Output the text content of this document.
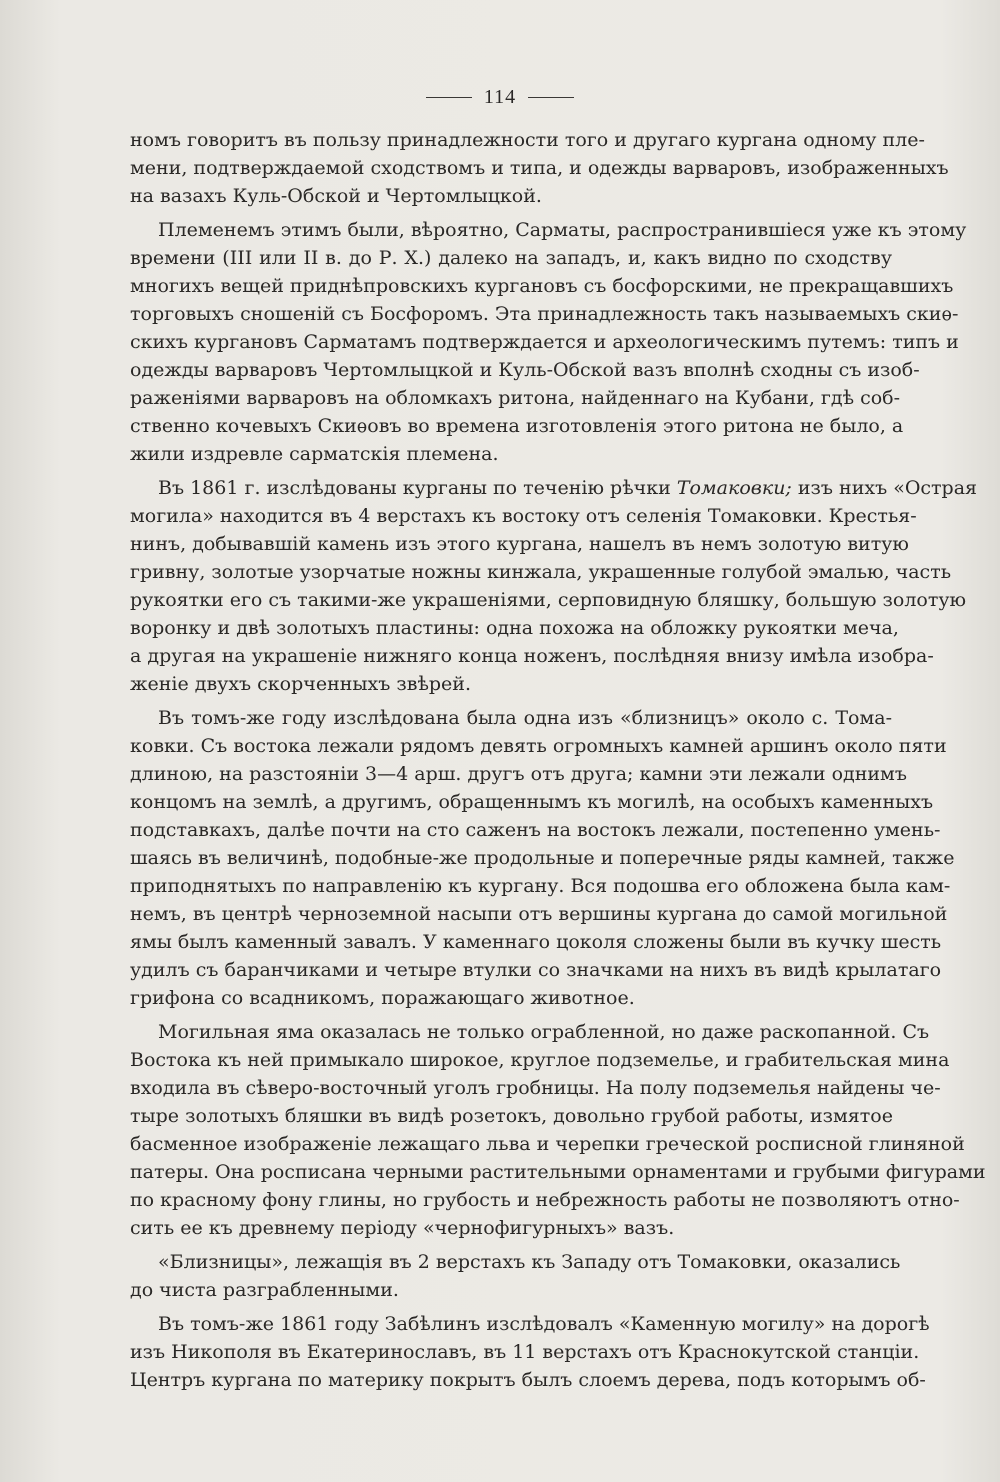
114

номъ говоритъ въ пользу принадлежности того и другаго кургана одному пле-
мени, подтверждаемой сходствомъ и типа, и одежды варваровъ, изображенныхъ
на вазахъ Куль-Обской и Чертомлыцкой.

Племенемъ этимъ были, вѣроятно, Сарматы, распространившіеся уже къ этому
времени (III или II в. до Р. Х.) далеко на западъ, и, какъ видно по сходству
многихъ вещей приднѣпровскихъ кургановъ съ босфорскими, не прекращавшихъ
торговыхъ сношеній съ Босфоромъ. Эта принадлежность такъ называемыхъ скиѳ-
скихъ кургановъ Сарматамъ подтверждается и археологическимъ путемъ: типъ и
одежды варваровъ Чертомлыцкой и Куль-Обской вазъ вполнѣ сходны съ изоб-
раженіями варваровъ на обломкахъ ритона, найденнаго на Кубани, гдѣ соб-
ственно кочевыхъ Скиѳовъ во времена изготовленія этого ритона не было, а
жили издревле сарматскія племена.

Въ 1861 г. изслѣдованы курганы по теченію рѣчки Томаковки; изъ нихъ «Острая
могила» находится въ 4 верстахъ къ востоку отъ селенія Томаковки. Крестья-
нинъ, добывавшій камень изъ этого кургана, нашелъ въ немъ золотую витую
гривну, золотые узорчатые ножны кинжала, украшенные голубой эмалью, часть
рукоятки его съ такими-же украшеніями, серповидную бляшку, большую золотую
воронку и двѣ золотыхъ пластины: одна похожа на обложку рукоятки меча,
а другая на украшеніе нижняго конца ноженъ, послѣдняя внизу имѣла изобра-
женіе двухъ скорченныхъ звѣрей.

Въ томъ-же году изслѣдована была одна изъ «близницъ» около с. Тома-
ковки. Съ востока лежали рядомъ девять огромныхъ камней аршинъ около пяти
длиною, на разстояніи 3—4 арш. другъ отъ друга; камни эти лежали однимъ
концомъ на землѣ, а другимъ, обращеннымъ къ могилѣ, на особыхъ каменныхъ
подставкахъ, далѣе почти на сто саженъ на востокъ лежали, постепенно умень-
шаясь въ величинѣ, подобные-же продольные и поперечные ряды камней, также
приподнятыхъ по направленію къ кургану. Вся подошва его обложена была кам-
немъ, въ центрѣ черноземной насыпи отъ вершины кургана до самой могильной
ямы былъ каменный завалъ. У каменнаго цоколя сложены были въ кучку шесть
удилъ съ баранчиками и четыре втулки со значками на нихъ въ видѣ крылатаго
грифона со всадникомъ, поражающаго животное.

Могильная яма оказалась не только ограбленной, но даже раскопанной. Съ
Востока къ ней примыкало широкое, круглое подземелье, и грабительская мина
входила въ сѣверо-восточный уголъ гробницы. На полу подземелья найдены че-
тыре золотыхъ бляшки въ видѣ розетокъ, довольно грубой работы, измятое
басменное изображеніе лежащаго льва и черепки греческой росписной глиняной
патеры. Она росписана черными растительными орнаментами и грубыми фигурами
по красному фону глины, но грубость и небрежность работы не позволяютъ отно-
сить ее къ древнему періоду «чернофигурныхъ» вазъ.

«Близницы», лежащія въ 2 верстахъ къ Западу отъ Томаковки, оказались
до чиста разграбленными.

Въ томъ-же 1861 году Забѣлинъ изслѣдовалъ «Каменную могилу» на дорогѣ
изъ Никополя въ Екатеринославъ, въ 11 верстахъ отъ Краснокутской станціи.
Центръ кургана по материку покрытъ былъ слоемъ дерева, подъ которымъ об-
